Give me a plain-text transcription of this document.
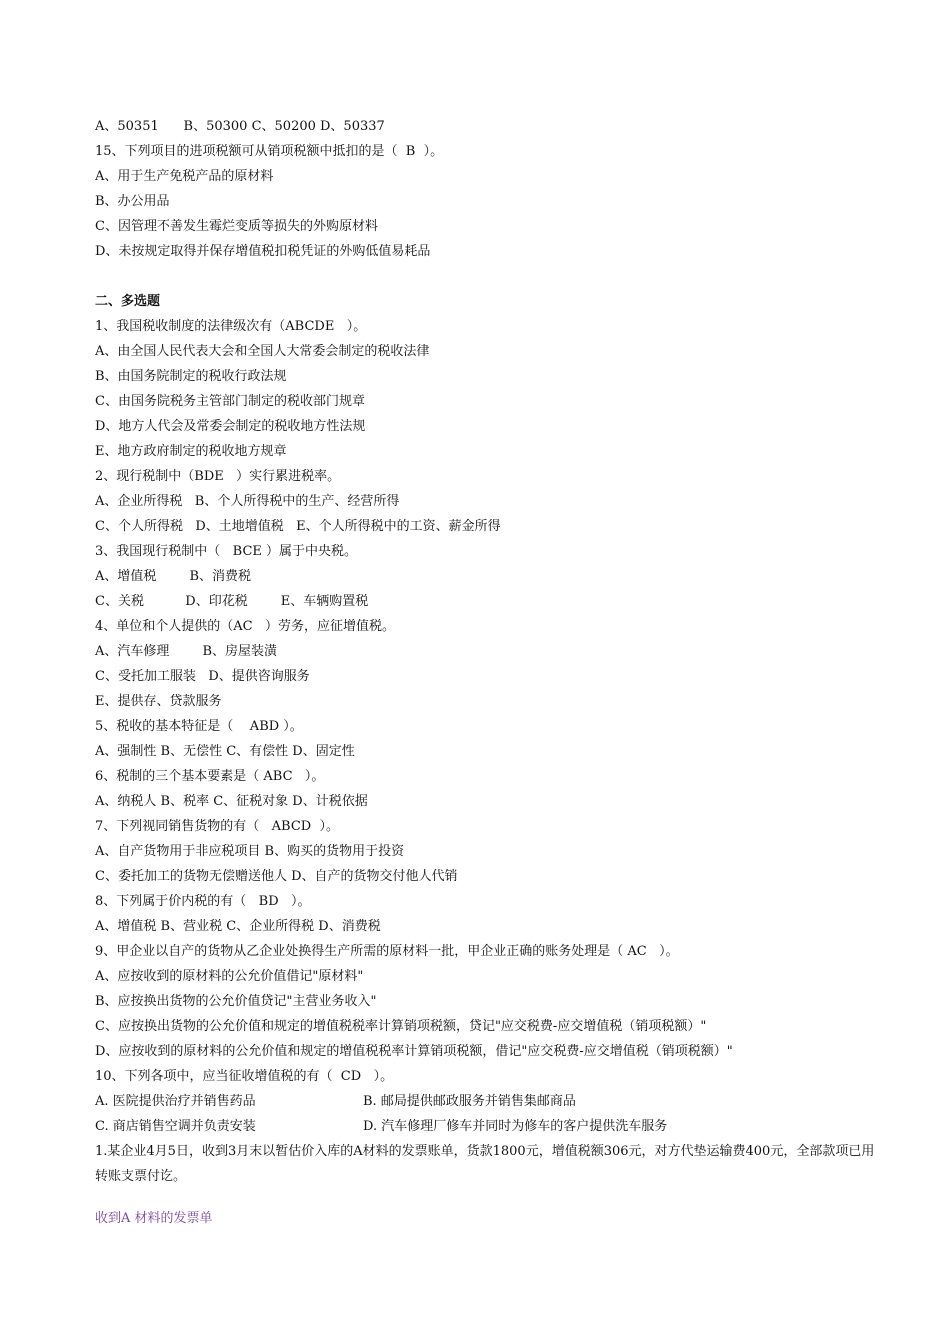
A、50351      B、50300 C、50200 D、50337
15、下列项目的进项税额可从销项税额中抵扣的是（  B  ）。
A、用于生产免税产品的原材料
B、办公用品
C、因管理不善发生霉烂变质等损失的外购原材料
D、未按规定取得并保存增值税扣税凭证的外购低值易耗品
二、多选题
1、我国税收制度的法律级次有（ABCDE   ）。
A、由全国人民代表大会和全国人大常委会制定的税收法律
B、由国务院制定的税收行政法规
C、由国务院税务主管部门制定的税收部门规章
D、地方人代会及常委会制定的税收地方性法规
E、地方政府制定的税收地方规章
2、现行税制中（BDE   ）实行累进税率。
A、企业所得税   B、个人所得税中的生产、经营所得
C、个人所得税   D、土地增值税   E、个人所得税中的工资、薪金所得
3、我国现行税制中（   BCE ）属于中央税。
A、增值税        B、消费税
C、关税          D、印花税        E、车辆购置税
4、单位和个人提供的（AC   ）劳务，应征增值税。
A、汽车修理        B、房屋装潢
C、受托加工服装   D、提供咨询服务
E、提供存、贷款服务
5、税收的基本特征是（    ABD ）。
A、强制性 B、无偿性 C、有偿性 D、固定性
6、税制的三个基本要素是（ ABC   ）。
A、纳税人 B、税率 C、征税对象 D、计税依据
7、下列视同销售货物的有（   ABCD  ）。
A、自产货物用于非应税项目 B、购买的货物用于投资
C、委托加工的货物无偿赠送他人 D、自产的货物交付他人代销
8、下列属于价内税的有（   BD   ）。
A、增值税 B、营业税 C、企业所得税 D、消费税
9、甲企业以自产的货物从乙企业处换得生产所需的原材料一批，甲企业正确的账务处理是（ AC   ）。
A、应按收到的原材料的公允价值借记"原材料"
B、应按换出货物的公允价值贷记"主营业务收入"
C、应按换出货物的公允价值和规定的增值税税率计算销项税额，贷记"应交税费-应交增值税（销项税额）"
D、应按收到的原材料的公允价值和规定的增值税税率计算销项税额，借记"应交税费-应交增值税（销项税额）"
10、下列各项中，应当征收增值税的有（  CD   ）。
A. 医院提供治疗并销售药品	B. 邮局提供邮政服务并销售集邮商品
C. 商店销售空调并负责安装	D. 汽车修理厂修车并同时为修车的客户提供洗车服务
1.某企业4月5日，收到3月末以暂估价入库的A材料的发票账单，货款1800元，增值税额306元，对方代垫运输费400元，全部款项已用转账支票付讫。
收到A 材料的发票单
